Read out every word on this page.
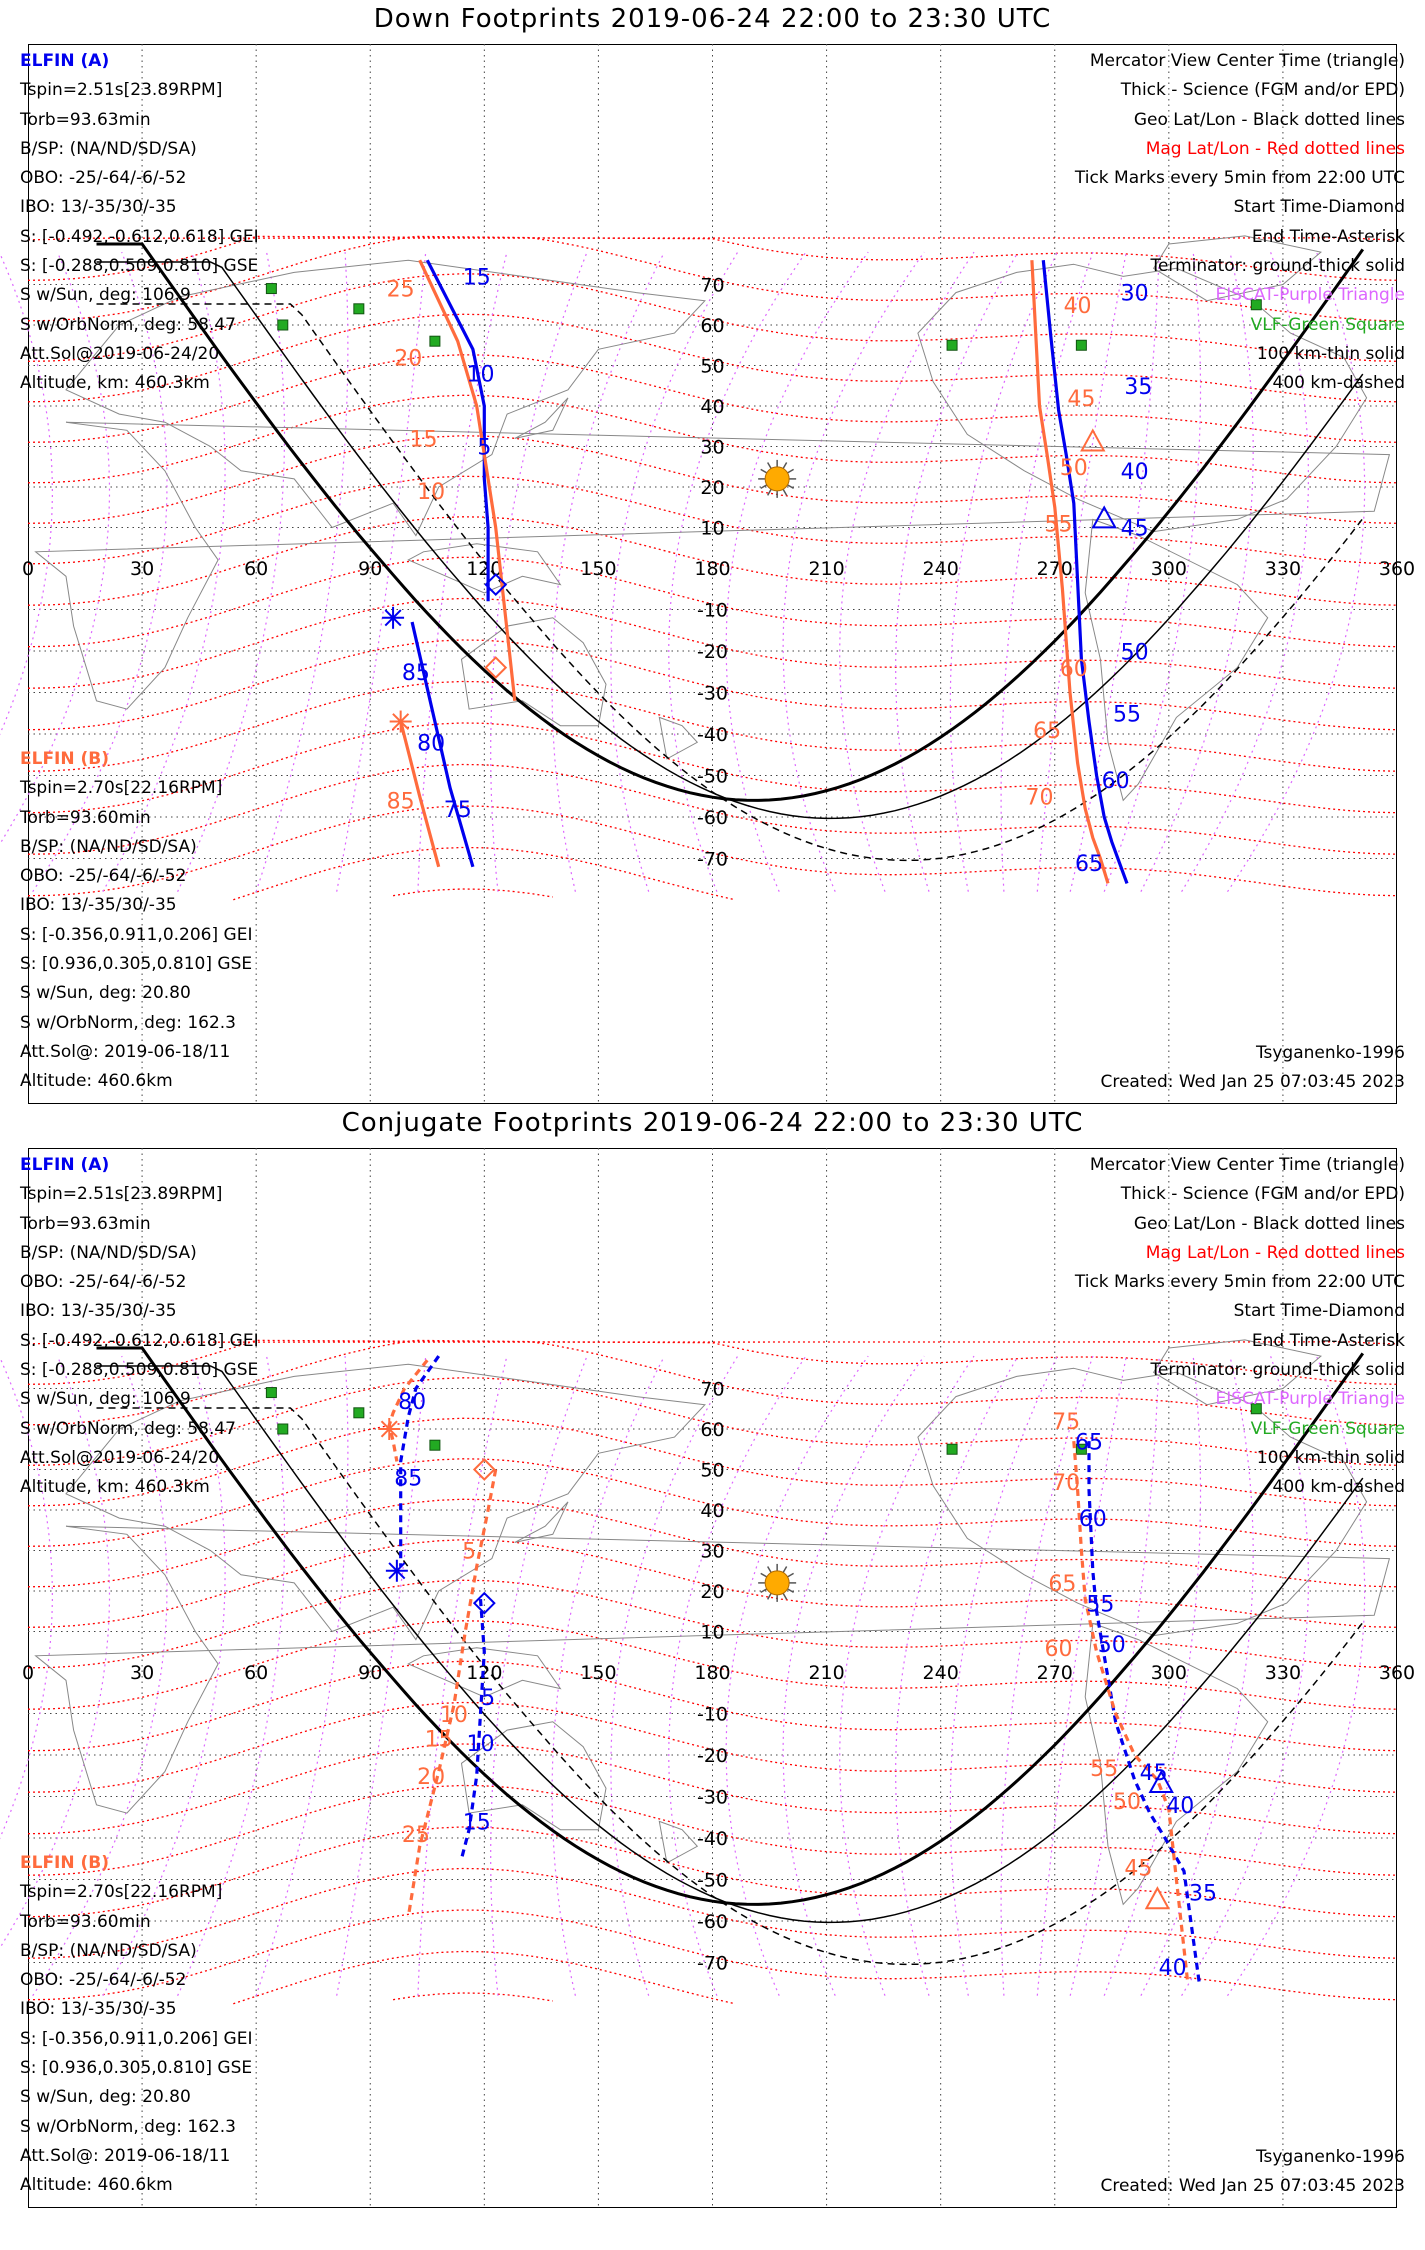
Down Footprints 2019-06-24 22:00 to 23:30 UTC
0	30	60	90	120	150	180	210	240	270	300	330	360
70
60
50
40
30
20
10
-10
-20
-30
-40
-50
-60
-70
15
10
5
80
85
75
30
35
40
45
50
55
60
65
25
20
15
10
85
40
45
50
55
60
65
70
Conjugate Footprints 2019-06-24 22:00 to 23:30 UTC
0	30	60	90	120	150	180	210	240	270	300	330	360
70
60
50
40
30
20
10
-10
-20
-30
-40
-50
-60
-70
80
85
5
10
15
65
60
55
50
45
40
35
40
5
10
15
20
25
75
70
65
60
55
50
45
ELFIN (A)
Tspin=2.51s[23.89RPM]
Torb=93.63min
B/SP: (NA/ND/SD/SA)
OBO: -25/-64/-6/-52
IBO: 13/-35/30/-35
S: [-0.492,-0.612,0.618] GEI
S: [-0.288,0.509,0.810] GSE
S w/Sun, deg: 106.9
S w/OrbNorm, deg: 58.47
Att.Sol@2019-06-24/20
Altitude, km: 460.3km
ELFIN (B)
Tspin=2.70s[22.16RPM]
Torb=93.60min
B/SP: (NA/ND/SD/SA)
OBO: -25/-64/-6/-52
IBO: 13/-35/30/-35
S: [-0.356,0.911,0.206] GEI
S: [0.936,0.305,0.810] GSE
S w/Sun, deg: 20.80
S w/OrbNorm, deg: 162.3
Att.Sol@: 2019-06-18/11
Altitude: 460.6km
Mercator View Center Time (triangle)
Thick - Science (FGM and/or EPD)
Geo Lat/Lon - Black dotted lines
Mag Lat/Lon - Red dotted lines
Tick Marks every 5min from 22:00 UTC
Start Time-Diamond
End Time-Asterisk
Terminator: ground-thick solid
EISCAT-Purple Triangle
VLF-Green Square
100 km-thin solid
400 km-dashed
Tsyganenko-1996
Created: Wed Jan 25 07:03:45 2023
ELFIN (A)
Tspin=2.51s[23.89RPM]
Torb=93.63min
B/SP: (NA/ND/SD/SA)
OBO: -25/-64/-6/-52
IBO: 13/-35/30/-35
S: [-0.492,-0.612,0.618] GEI
S: [-0.288,0.509,0.810] GSE
S w/Sun, deg: 106.9
S w/OrbNorm, deg: 58.47
Att.Sol@2019-06-24/20
Altitude, km: 460.3km
ELFIN (B)
Tspin=2.70s[22.16RPM]
Torb=93.60min
B/SP: (NA/ND/SD/SA)
OBO: -25/-64/-6/-52
IBO: 13/-35/30/-35
S: [-0.356,0.911,0.206] GEI
S: [0.936,0.305,0.810] GSE
S w/Sun, deg: 20.80
S w/OrbNorm, deg: 162.3
Att.Sol@: 2019-06-18/11
Altitude: 460.6km
Mercator View Center Time (triangle)
Thick - Science (FGM and/or EPD)
Geo Lat/Lon - Black dotted lines
Mag Lat/Lon - Red dotted lines
Tick Marks every 5min from 22:00 UTC
Start Time-Diamond
End Time-Asterisk
Terminator: ground-thick solid
EISCAT-Purple Triangle
VLF-Green Square
100 km-thin solid
400 km-dashed
Tsyganenko-1996
Created: Wed Jan 25 07:03:45 2023
